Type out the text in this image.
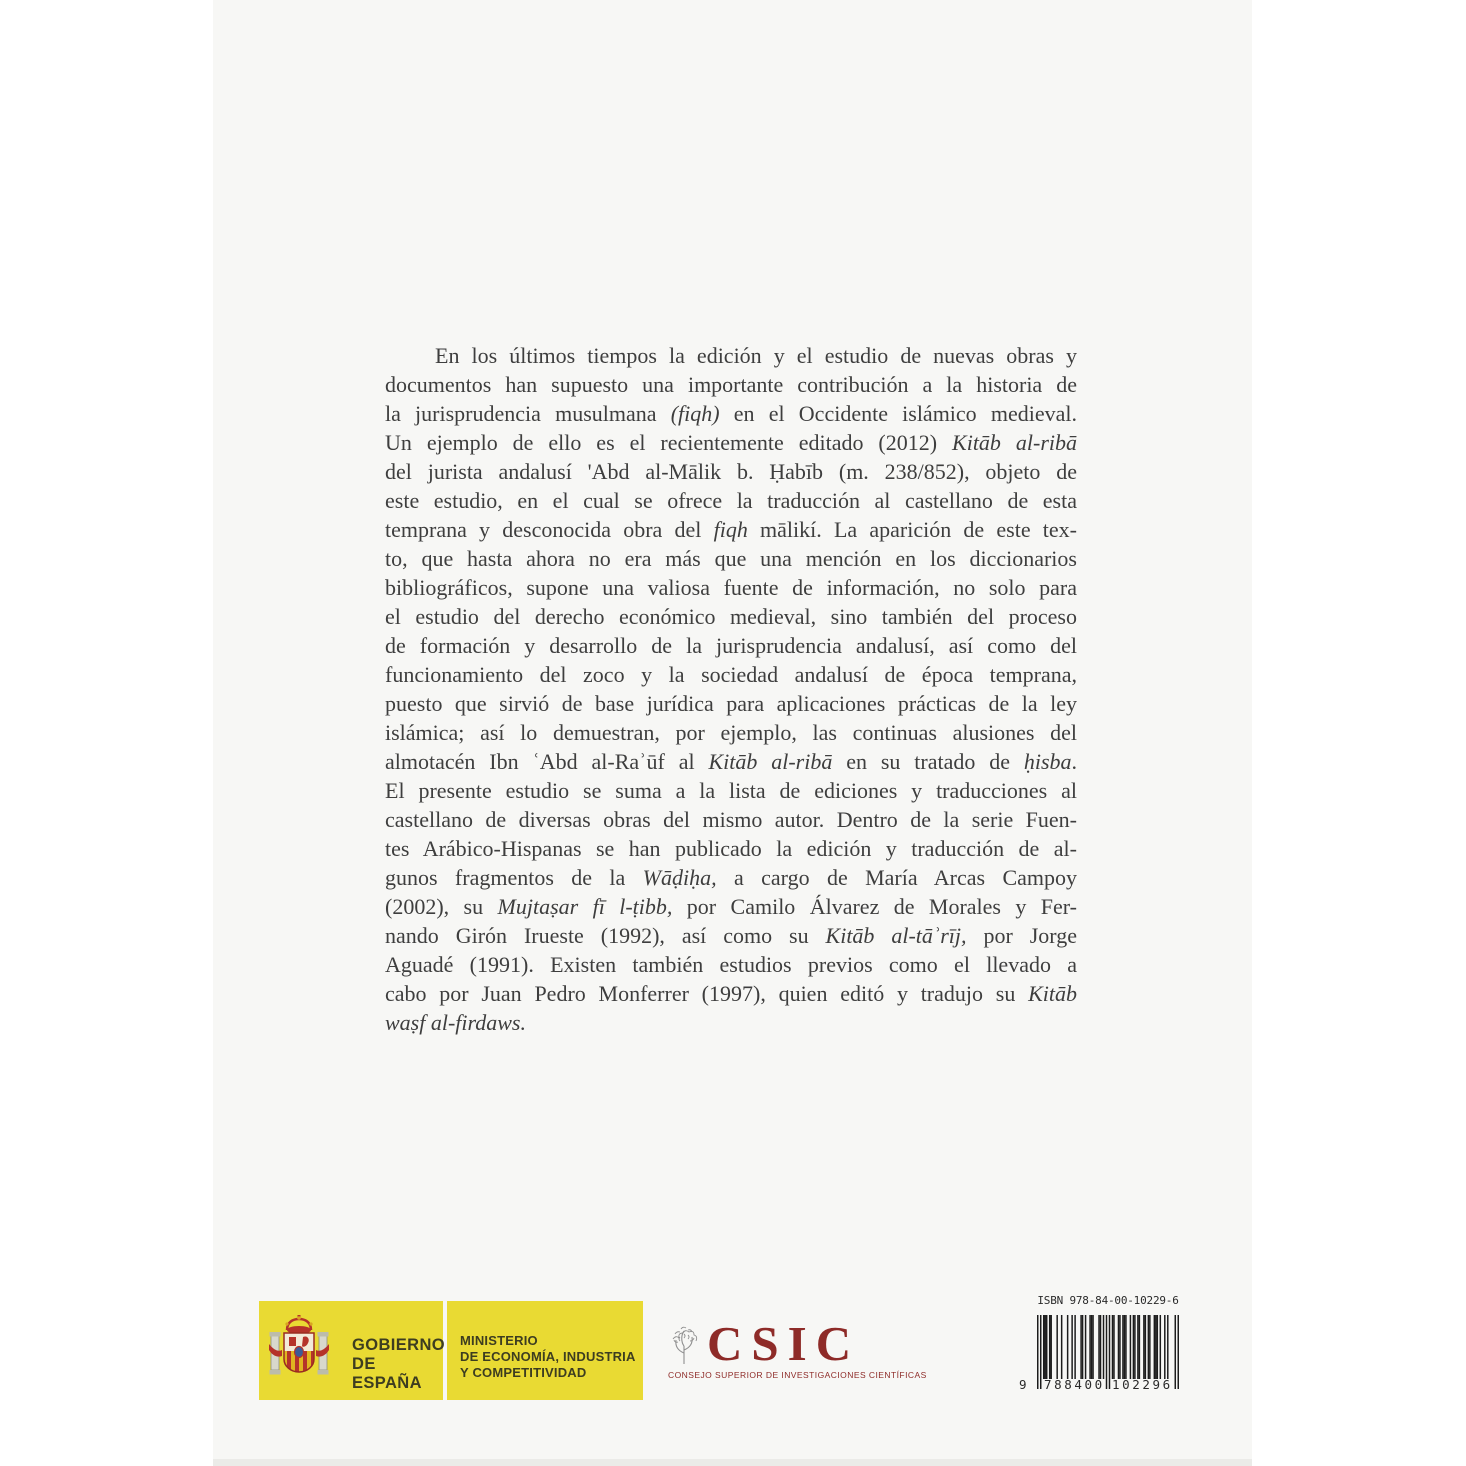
En los últimos tiempos la edición y el estudio de nuevas obras y
documentos han supuesto una importante contribución a la historia de
la jurisprudencia musulmana (fiqh) en el Occidente islámico medieval.
Un ejemplo de ello es el recientemente editado (2012) Kitāb al-ribā
del jurista andalusí 'Abd al-Mālik b. Ḥabīb (m. 238/852), objeto de
este estudio, en el cual se ofrece la traducción al castellano de esta
temprana y desconocida obra del fiqh mālikí. La aparición de este tex-
to, que hasta ahora no era más que una mención en los diccionarios
bibliográficos, supone una valiosa fuente de información, no solo para
el estudio del derecho económico medieval, sino también del proceso
de formación y desarrollo de la jurisprudencia andalusí, así como del
funcionamiento del zoco y la sociedad andalusí de época temprana,
puesto que sirvió de base jurídica para aplicaciones prácticas de la ley
islámica; así lo demuestran, por ejemplo, las continuas alusiones del
almotacén Ibn ʿAbd al-Raʾūf al Kitāb al-ribā en su tratado de ḥisba.
El presente estudio se suma a la lista de ediciones y traducciones al
castellano de diversas obras del mismo autor. Dentro de la serie Fuen-
tes Arábico-Hispanas se han publicado la edición y traducción de al-
gunos fragmentos de la Wāḍiḥa, a cargo de María Arcas Campoy
(2002), su Mujtaṣar fī l-ṭibb, por Camilo Álvarez de Morales y Fer-
nando Girón Irueste (1992), así como su Kitāb al-tāʾrīj, por Jorge
Aguadé (1991). Existen también estudios previos como el llevado a
cabo por Juan Pedro Monferrer (1997), quien editó y tradujo su Kitāb
waṣf al-firdaws.
GOBIERNO
DE ESPAÑA
MINISTERIO
DE ECONOMÍA, INDUSTRIA
Y COMPETITIVIDAD
CSIC
CONSEJO SUPERIOR DE INVESTIGACIONES CIENTÍFICAS
ISBN 978-84-00-10229-6
9 788400 102296
